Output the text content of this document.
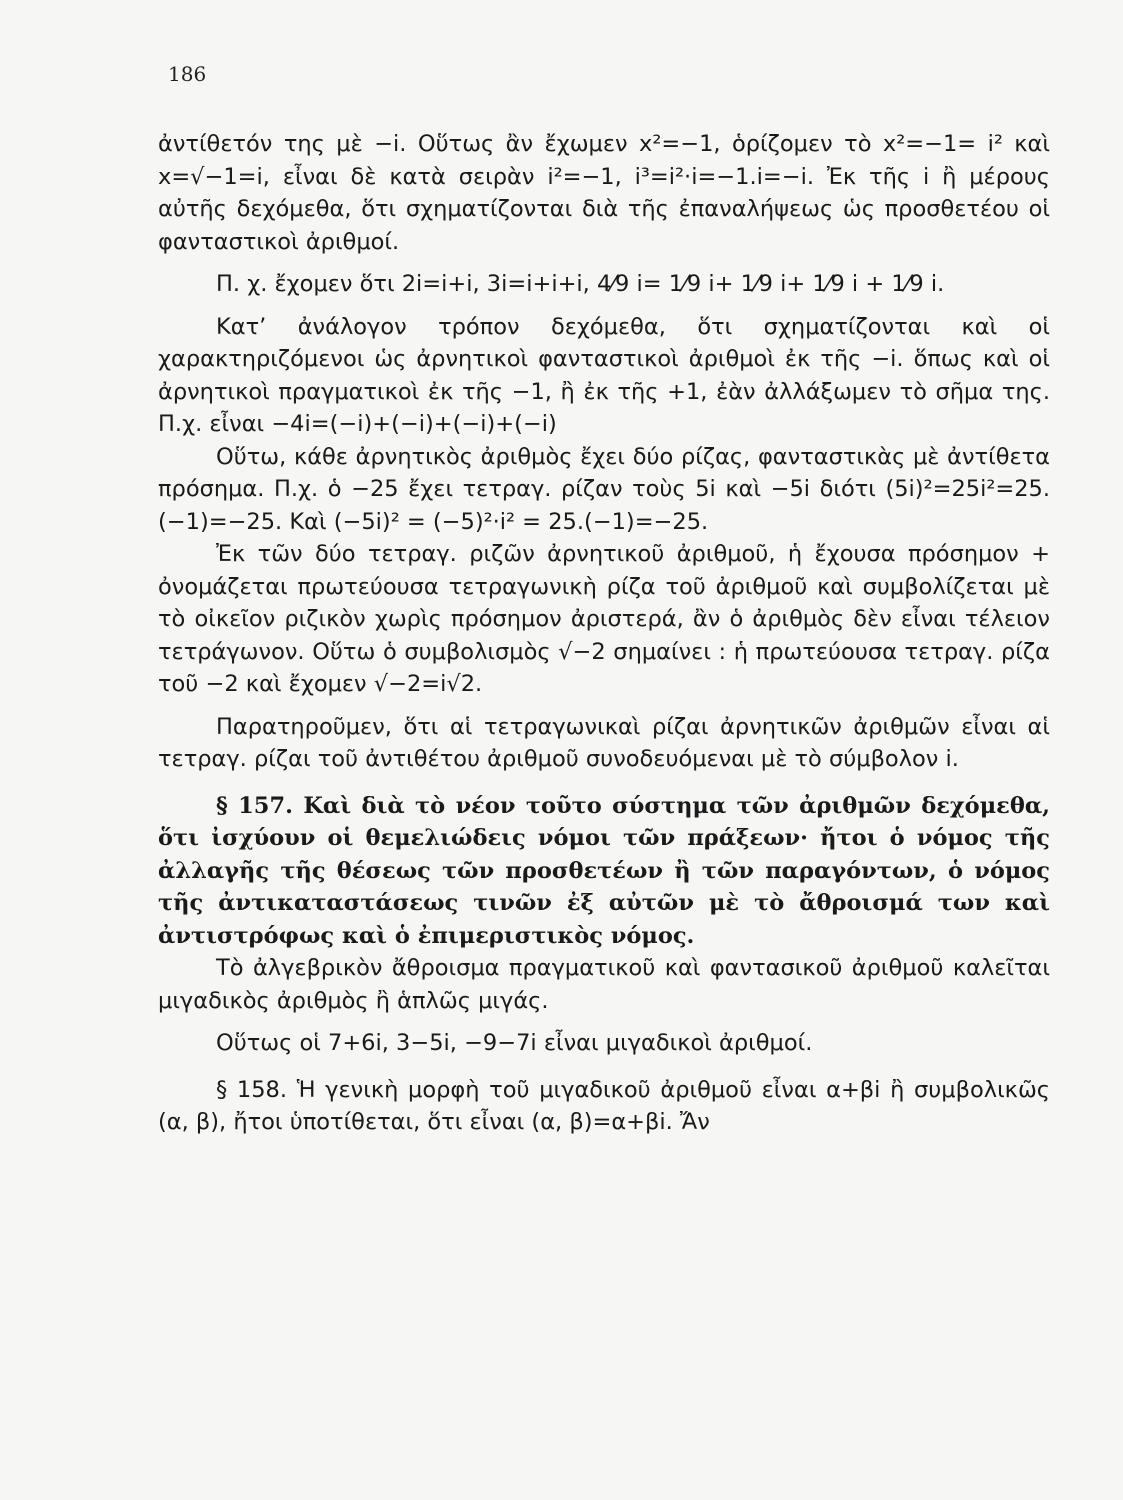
186

ἀντίθετόν της μὲ −i. Οὕτως ἂν ἔχωμεν x²=−1, ὁρίζομεν τὸ x²=−1= i² καὶ x=√−1=i, εἶναι δὲ κατὰ σειρὰν i²=−1, i³=i²·i=−1.i=−i. Ἐκ τῆς i ἢ μέρους αὐτῆς δεχόμεθα, ὅτι σχηματίζονται διὰ τῆς ἐπαναλήψεως ὡς προσθετέου οἱ φανταστικοὶ ἀριθμοί.

Π. χ. ἔχομεν ὅτι 2i=i+i, 3i=i+i+i, 4⁄9 i= 1⁄9 i+ 1⁄9 i+ 1⁄9 i + 1⁄9 i.

Κατ’ ἀνάλογον τρόπον δεχόμεθα, ὅτι σχηματίζονται καὶ οἱ χαρακτηριζόμενοι ὡς ἀρνητικοὶ φανταστικοὶ ἀριθμοὶ ἐκ τῆς −i. ὅπως καὶ οἱ ἀρνητικοὶ πραγματικοὶ ἐκ τῆς −1, ἢ ἐκ τῆς +1, ἐὰν ἀλλάξωμεν τὸ σῆμα της. Π.χ. εἶναι −4i=(−i)+(−i)+(−i)+(−i)

Οὕτω, κάθε ἀρνητικὸς ἀριθμὸς ἔχει δύο ρίζας, φανταστικὰς μὲ ἀντίθετα πρόσημα. Π.χ. ὁ −25 ἔχει τετραγ. ρίζαν τοὺς 5i καὶ −5i διότι (5i)²=25i²=25.(−1)=−25. Καὶ (−5i)² = (−5)²·i² = 25.(−1)=−25.

Ἐκ τῶν δύο τετραγ. ριζῶν ἀρνητικοῦ ἀριθμοῦ, ἡ ἔχουσα πρόσημον + ὀνομάζεται πρωτεύουσα τετραγωνικὴ ρίζα τοῦ ἀριθμοῦ καὶ συμβολίζεται μὲ τὸ οἰκεῖον ριζικὸν χωρὶς πρόσημον ἀριστερά, ἂν ὁ ἀριθμὸς δὲν εἶναι τέλειον τετράγωνον. Οὕτω ὁ συμβολισμὸς √−2 σημαίνει : ἡ πρωτεύουσα τετραγ. ρίζα τοῦ −2 καὶ ἔχομεν √−2=i√2.

Παρατηροῦμεν, ὅτι αἱ τετραγωνικαὶ ρίζαι ἀρνητικῶν ἀριθμῶν εἶναι αἱ τετραγ. ρίζαι τοῦ ἀντιθέτου ἀριθμοῦ συνοδευόμεναι μὲ τὸ σύμβολον i.

§ 157. Καὶ διὰ τὸ νέον τοῦτο σύστημα τῶν ἀριθμῶν δεχόμεθα, ὅτι ἰσχύουν οἱ θεμελιώδεις νόμοι τῶν πράξεων· ἤτοι ὁ νόμος τῆς ἀλλαγῆς τῆς θέσεως τῶν προσθετέων ἢ τῶν παραγόντων, ὁ νόμος τῆς ἀντικαταστάσεως τινῶν ἐξ αὐτῶν μὲ τὸ ἄθροισμά των καὶ ἀντιστρόφως καὶ ὁ ἐπιμεριστικὸς νόμος.

Τὸ ἀλγεβρικὸν ἄθροισμα πραγματικοῦ καὶ φαντασικοῦ ἀριθμοῦ καλεῖται μιγαδικὸς ἀριθμὸς ἢ ἁπλῶς μιγάς.

Οὕτως οἱ 7+6i, 3−5i, −9−7i εἶναι μιγαδικοὶ ἀριθμοί.

§ 158. Ἡ γενικὴ μορφὴ τοῦ μιγαδικοῦ ἀριθμοῦ εἶναι α+βi ἢ συμβολικῶς (α, β), ἤτοι ὑποτίθεται, ὅτι εἶναι (α, β)=α+βi. Ἄν
